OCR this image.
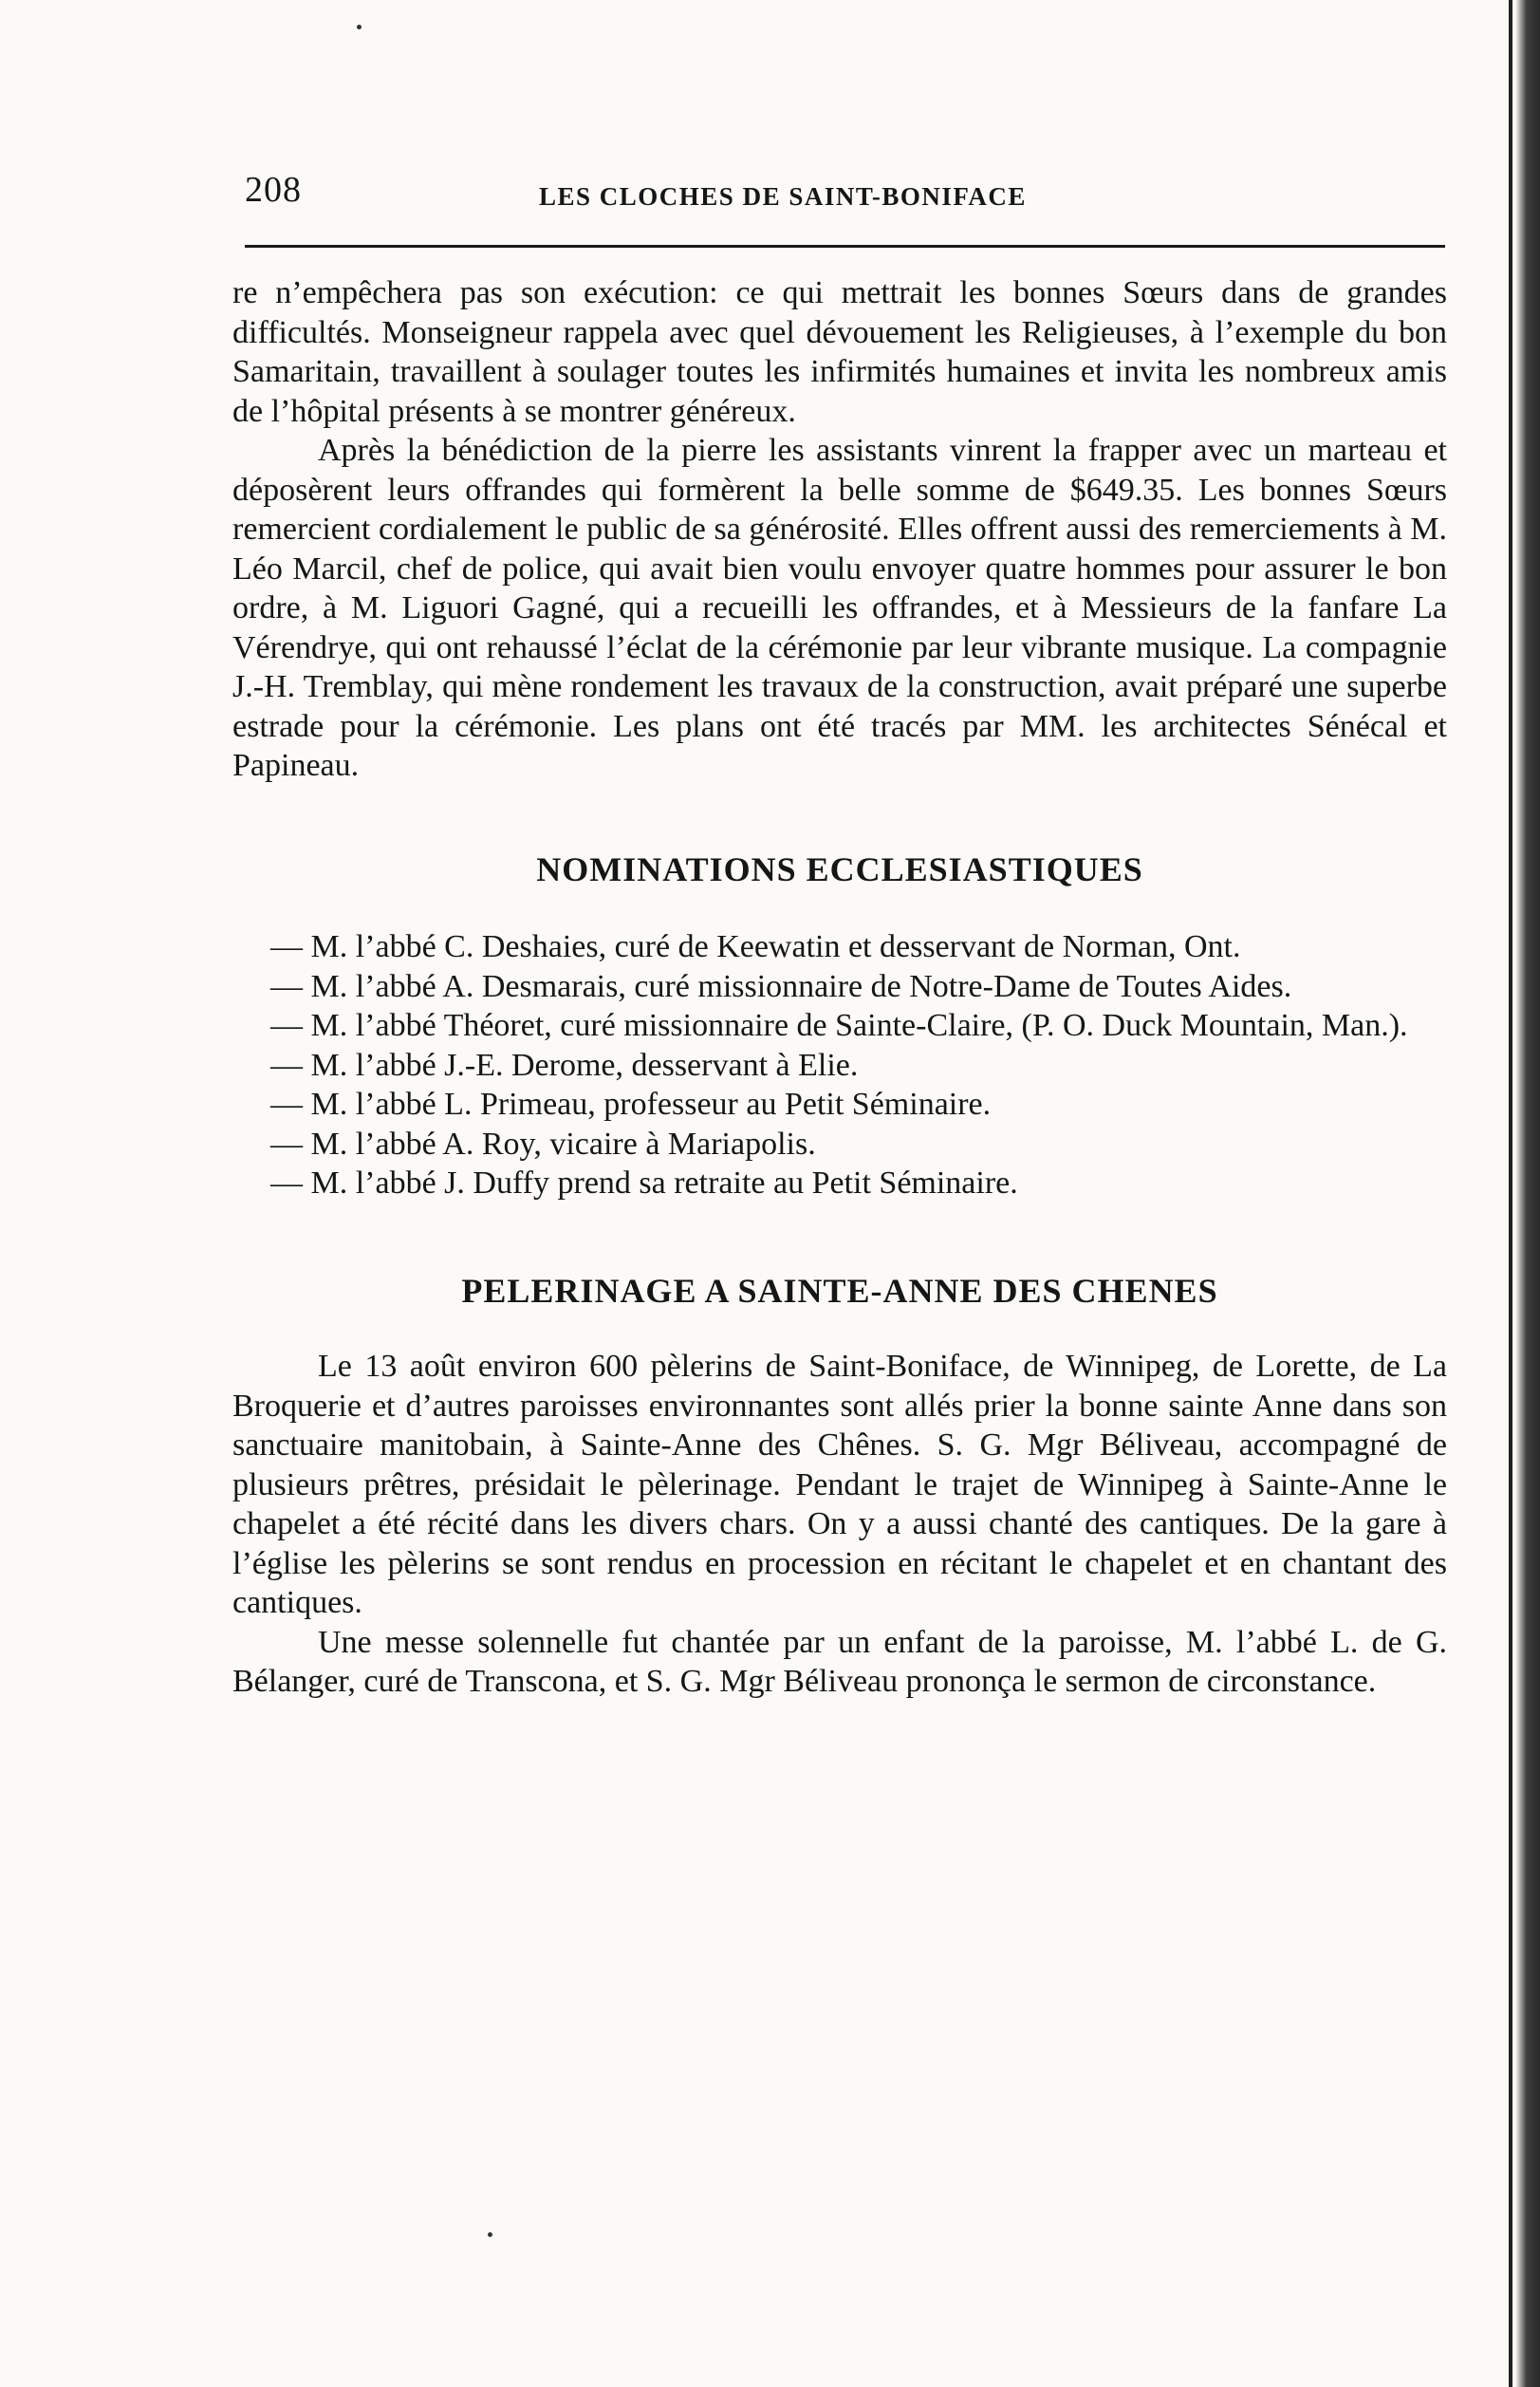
208	LES CLOCHES DE SAINT-BONIFACE

re n’empêchera pas son exécution: ce qui mettrait les bonnes Sœurs dans de grandes difficultés. Monseigneur rappela avec quel dévouement les Religieuses, à l’exemple du bon Samaritain, travaillent à soulager toutes les infirmités humaines et invita les nombreux amis de l’hôpital présents à se montrer généreux.

Après la bénédiction de la pierre les assistants vinrent la frapper avec un marteau et déposèrent leurs offrandes qui formèrent la belle somme de $649.35. Les bonnes Sœurs remercient cordialement le public de sa générosité. Elles offrent aussi des remerciements à M. Léo Marcil, chef de police, qui avait bien voulu envoyer quatre hommes pour assurer le bon ordre, à M. Liguori Gagné, qui a recueilli les offrandes, et à Messieurs de la fanfare La Vérendrye, qui ont rehaussé l’éclat de la cérémonie par leur vibrante musique. La compagnie J.-H. Tremblay, qui mène rondement les travaux de la construction, avait préparé une superbe estrade pour la cérémonie. Les plans ont été tracés par MM. les architectes Sénécal et Papineau.

NOMINATIONS ECCLESIASTIQUES
— M. l’abbé C. Deshaies, curé de Keewatin et desservant de Norman, Ont.
— M. l’abbé A. Desmarais, curé missionnaire de Notre-Dame de Toutes Aides.
— M. l’abbé Théoret, curé missionnaire de Sainte-Claire, (P. O. Duck Mountain, Man.).
— M. l’abbé J.-E. Derome, desservant à Elie.
— M. l’abbé L. Primeau, professeur au Petit Séminaire.
— M. l’abbé A. Roy, vicaire à Mariapolis.
— M. l’abbé J. Duffy prend sa retraite au Petit Séminaire.
PELERINAGE A SAINTE-ANNE DES CHENES

Le 13 août environ 600 pèlerins de Saint-Boniface, de Winnipeg, de Lorette, de La Broquerie et d’autres paroisses environnantes sont allés prier la bonne sainte Anne dans son sanctuaire manitobain, à Sainte-Anne des Chênes. S. G. Mgr Béliveau, accompagné de plusieurs prêtres, présidait le pèlerinage. Pendant le trajet de Winnipeg à Sainte-Anne le chapelet a été récité dans les divers chars. On y a aussi chanté des cantiques. De la gare à l’église les pèlerins se sont rendus en procession en récitant le chapelet et en chantant des cantiques.

Une messe solennelle fut chantée par un enfant de la paroisse, M. l’abbé L. de G. Bélanger, curé de Transcona, et S. G. Mgr Béliveau prononça le sermon de circonstance.
